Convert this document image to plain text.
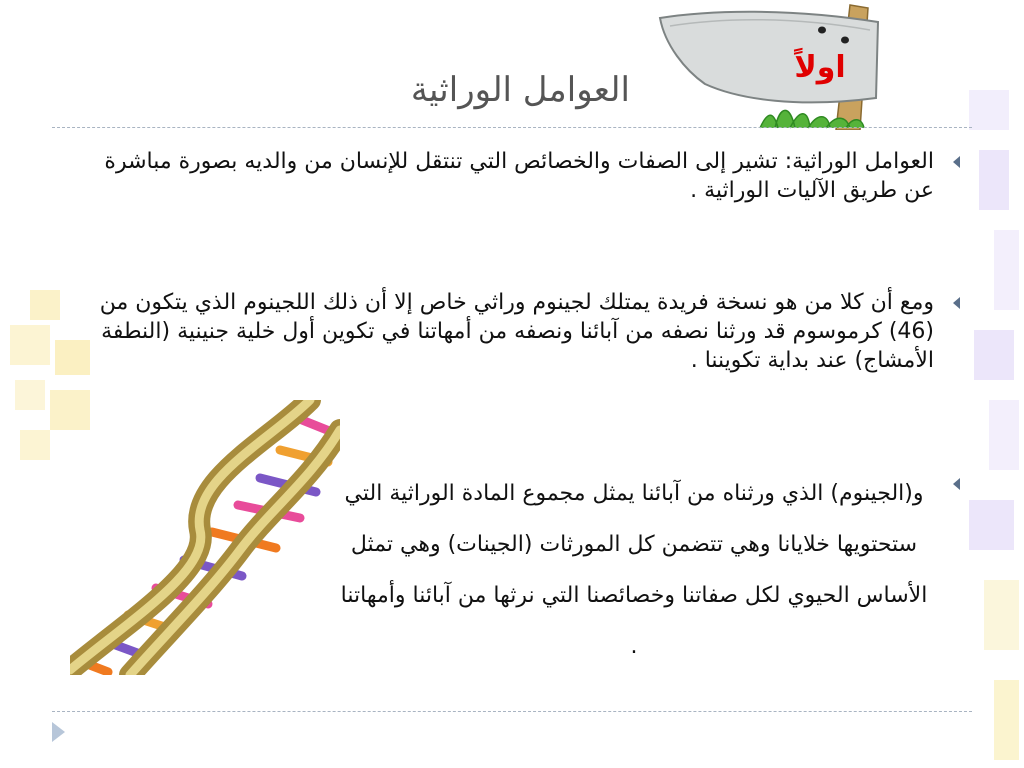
اولاً
العوامل الوراثية
العوامل الوراثية: تشير إلى الصفات والخصائص التي تنتقل للإنسان من والديه بصورة مباشرة عن طريق الآليات الوراثية .
ومع أن كلا من هو نسخة فريدة يمتلك لجينوم وراثي خاص إلا أن ذلك اللجينوم الذي يتكون من (46) كرموسوم قد ورثنا نصفه من آبائنا ونصفه من أمهاتنا في تكوين أول خلية جنينية (النطفة الأمشاج) عند بداية تكويننا .
و(الجينوم) الذي ورثناه من آبائنا يمثل مجموع المادة الوراثية التي ستحتويها خلايانا وهي تتضمن كل المورثات (الجينات) وهي تمثل الأساس الحيوي لكل صفاتنا وخصائصنا التي نرثها من آبائنا وأمهاتنا .
